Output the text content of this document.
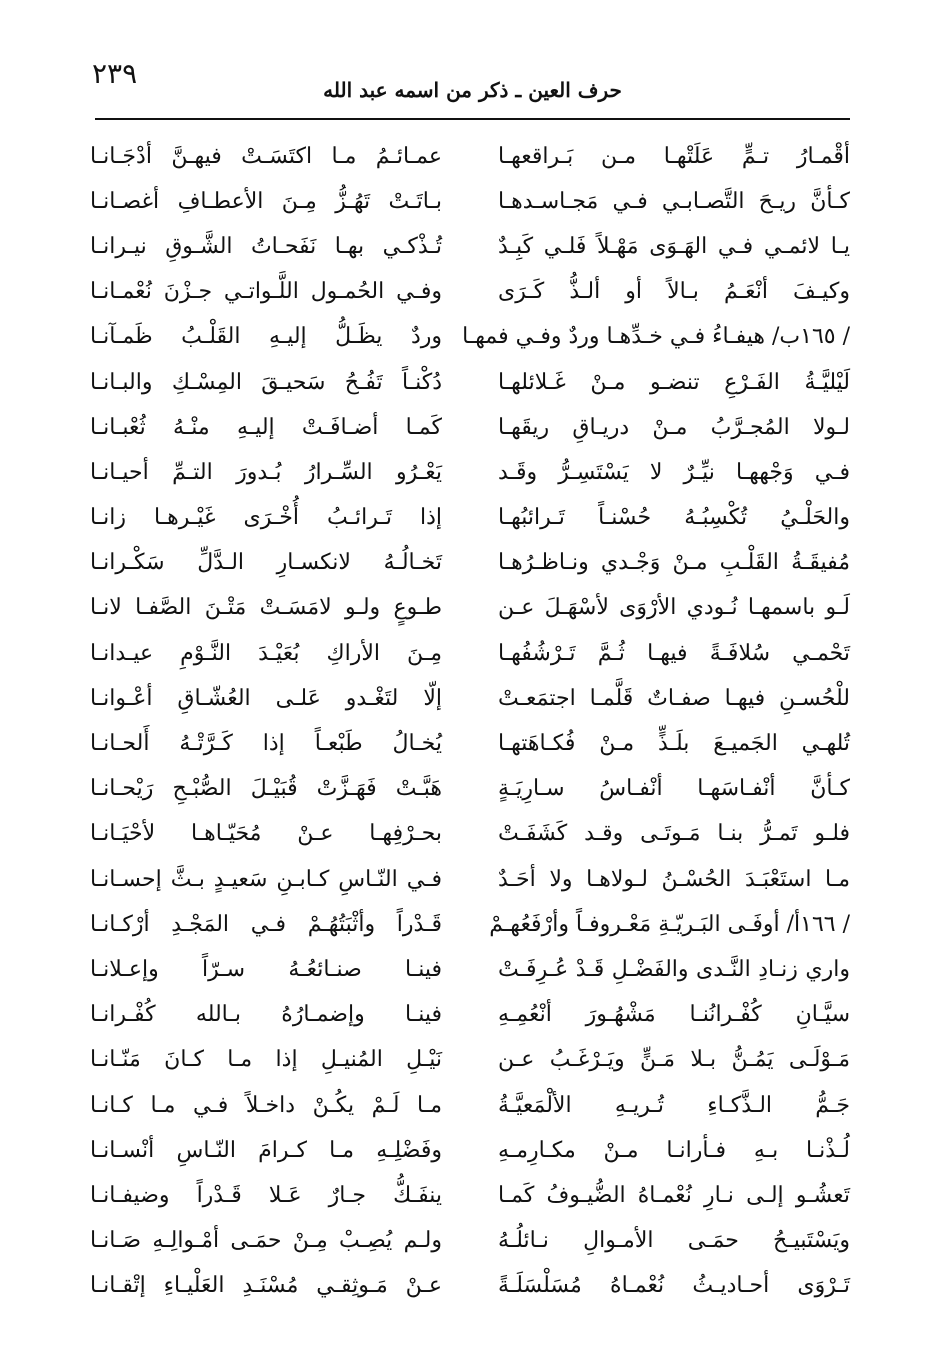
٢٣٩	حرف العين ـ ذكر من اسمه عبد الله
أقْمـارُ تـمٍّ عَلَتْهـا مـن بَـراقعهـا
عمـائـمُ مـا اكتَسَـتْ فيهـنَّ أدْجَـانـا
كـأنَّ ريـحَ التَّصـابـي فـي مَجـاسـدهـا
بـاتَـتْ تَهُـزُّ مِـنَ الأعطـافِ أغصـانـا
يـا لائمـي فـي الهَـوَى مَهْـلاً فَلـي كَبِـدٌ
تُـذْكـي بهـا نَفَحـاتُ الشَّـوقِ نيـرانـا
وكيـفَ أنْعَـمُ بـالاً أو ألـذُّ كَـرَى
وفـي الحُمـول اللَّـواتـي جـزْنَ نُعْمـانـا
/ ١٦٥ب/ هيفـاءُ فـي خـدِّهـا وردٌ وفـي فمهـا
وردٌ يظَـلُّ إليـهِ القَلْـبُ ظَمـآنـا
لَيْليَّـةُ الفَـرْعِ تنضـو مـنْ غَـلائلهـا
دُكْنـاً تَفُـحُ سَحيـقَ المِسْـكِ والبـانـا
لـولا المُجـرَّبُ مـنْ دريـاقِ ريقَهـا
كَمـا أضـافَـتْ إليـهِ منْـهُ ثُعْبـانـا
فـي وَجْههـا نيِّـرٌ لا يَسْتَسِـرُّ وقَـد
يَعْـرُو السِّـرارُ بُـدورَ التـمِّ أحيـانـا
والحَلْـيُ تُكْسِبُـهُ حُسْنـاً تَـرائبُهـا
إذا تَـرائـبُ أُخْـرَى غَيْـرهـا زانـا
مُفيقَـةُ القَلْـبِ مـنْ وَجْـدي ونـاظـرُهـا
تَخـالُـهُ لانكسـارِ الـدَّلِّ سَكْـرانـا
لَـو باسمهـا نُـودي الأرْوَى لأسْهَـلَ عـن
طـوعٍ ولـو لامَسَـتْ مَتْـنَ الصَّفـا لانـا
تَحْمـي سُلافَـةً فيهـا ثُـمَّ تَـرْشُفُهـا
مِـنَ الأراكِ بُعَيْـدَ النَّـوْمِ عيـدانـا
للْحُسـنِ فيهـا صفـاتٌ قَلَّمـا اجتمَعـتْ
إلّا لتَغْـدو عَلـى العُشّـاقِ أعْـوانـا
تُلهـي الجَميـعَ بلَـذٍّ مـنْ فُكـاهَتهـا
يُخـالُ طَبْعـاً إذا كَـرَّتْـهُ أَلحـانـا
كـأنَّ أنْفـاسَهـا أنْفـاسُ سـارِيَـةٍ
هَبَّـتْ فَهَـزَّتْ قُبَيْـلَ الصُّبْـحِ رَيْحـانـا
فلـو تَمـرُّ بنـا مَـوتَـى وقـد كَشَفَـتْ
بحـرْفِهـا عـنْ مُحَيّـاهـا لأحْيَـانـا
مـا استَعْبَـدَ الحُسْـنُ لـولاهـا ولا أحَـدٌ
فـي النّـاسِ كـابـنِ سَعيـدٍ بـثَّ إحسـانـا
/ ١٦٦أ/ أوفَـى البَـريّـةِ مَعْـروفـاً وأرْفَعُهـمْ
قَـدْراً وأثْبَتُهُـمْ فـي المَجْـدِ أرْكـانـا
واري زنـادِ النَّـدى والفَضْـلِ قَـدْ عُـرِفَـتْ
فينـا صنـائعُـهُ سـرّاً وإعـلانـا
سيَّـانِ كُفْـرانُنـا مَشْهُـورَ أنْعُمِـهِ
فينـا وإضمـارُهُ بـالله كُفْـرانـا
مَـوْلَـى يَمُـنُّ بـلا مَـنٍّ ويَـرْغَـبُ عـن
نَيْـلِ المُنيـلِ إذا مـا كـانَ مَنّـانـا
جَـمُّ الـذَّكـاءِ تُـريـهِ الألْمَعيَّـةُ
مـا لَـمْ يكُـنْ داخـلاً فـي مـا كـانـا
لُـذْنـا بـهِ فـأرانـا مـنْ مكـارِمـهِ
وفَضْلِـهِ مـا كـرامَ النّـاسِ أنْسـانـا
تَعشُـو إلـى نـارِ نُعْمـاهُ الضُّيـوفُ كَمـا
ينفَـكُّ جـارٌ عَـلا قَـدْراً وضيفـانـا
ويَسْتَبيـحُ حمَـى الأمـوالِ نـائلُـهُ
ولـم يُصِـبْ مِـنْ حمَـى أمْـوالِـهِ صَـانـا
تَـرْوَى أحـاديـثُ نُعْمـاهُ مُسَلْسَلَـةً
عـنْ مَـوثِقـي مُسْنَـدِ العَلْيـاءِ إتْقـانـا
